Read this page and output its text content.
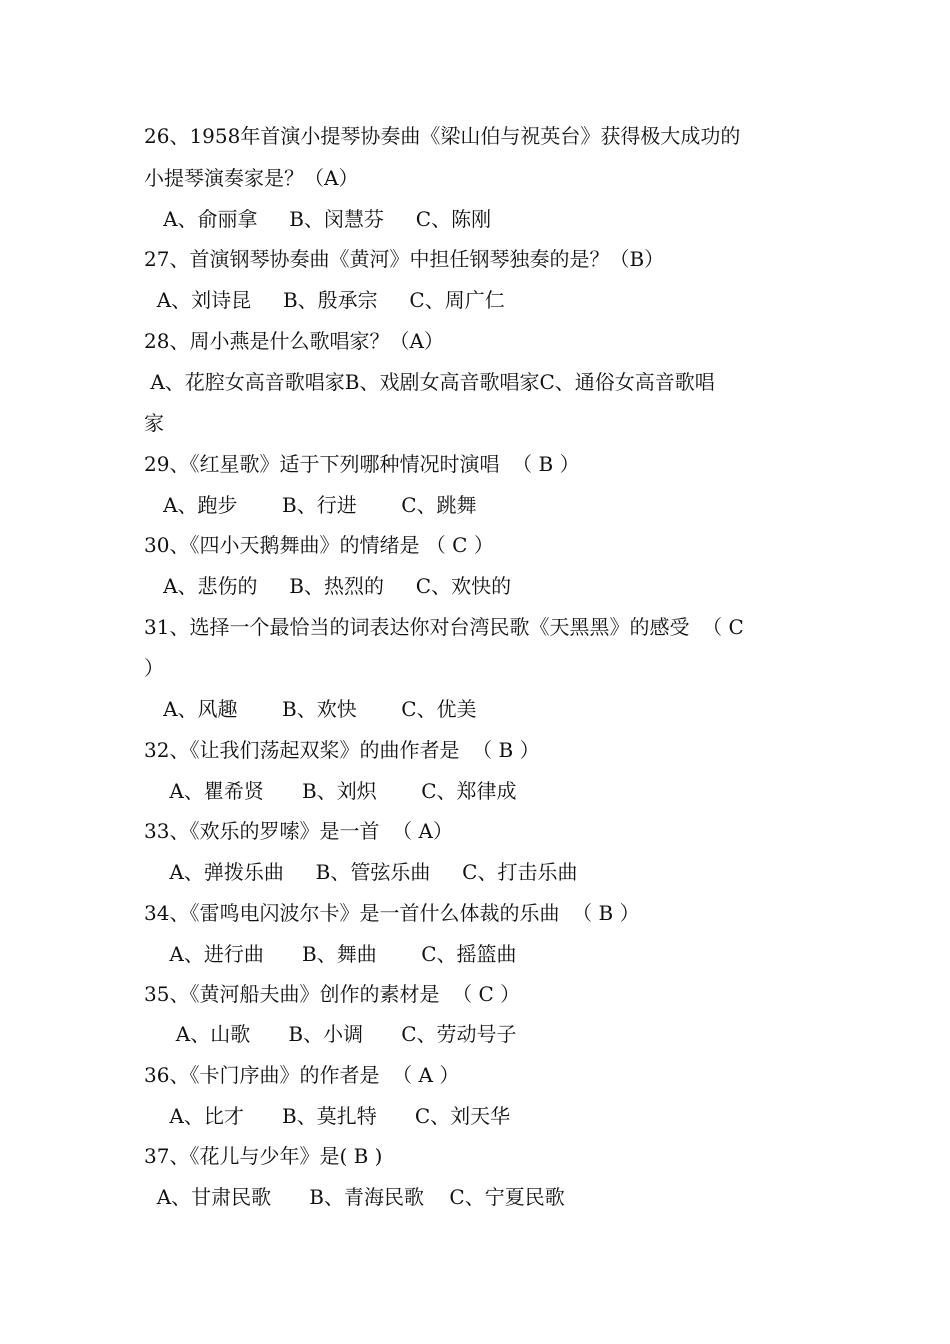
26、1958年首演小提琴协奏曲《梁山伯与祝英台》获得极大成功的
小提琴演奏家是？（A）
A、俞丽拿     B、闵慧芬     C、陈刚
27、首演钢琴协奏曲《黄河》中担任钢琴独奏的是？（B）
A、刘诗昆     B、殷承宗     C、周广仁
28、周小燕是什么歌唱家？（A）
A、花腔女高音歌唱家B、戏剧女高音歌唱家C、通俗女高音歌唱
家
29、《红星歌》适于下列哪种情况时演唱  （ B ）
A、跑步       B、行进       C、跳舞
30、《四小天鹅舞曲》的情绪是 （ C ）
A、悲伤的     B、热烈的     C、欢快的
31、选择一个最恰当的词表达你对台湾民歌《天黑黑》的感受  （ C
）
A、风趣       B、欢快       C、优美
32、《让我们荡起双桨》的曲作者是  （ B ）
A、瞿希贤      B、刘炽       C、郑律成
33、《欢乐的罗嗦》是一首  （ A）
A、弹拨乐曲     B、管弦乐曲     C、打击乐曲
34、《雷鸣电闪波尔卡》是一首什么体裁的乐曲  （ B ）
A、进行曲      B、舞曲       C、摇篮曲
35、《黄河船夫曲》创作的素材是  （ C ）
A、山歌      B、小调      C、劳动号子
36、《卡门序曲》的作者是  （ A ）
A、比才      B、莫扎特      C、刘天华
37、《花儿与少年》是( B )
A、甘肃民歌      B、青海民歌    C、宁夏民歌
